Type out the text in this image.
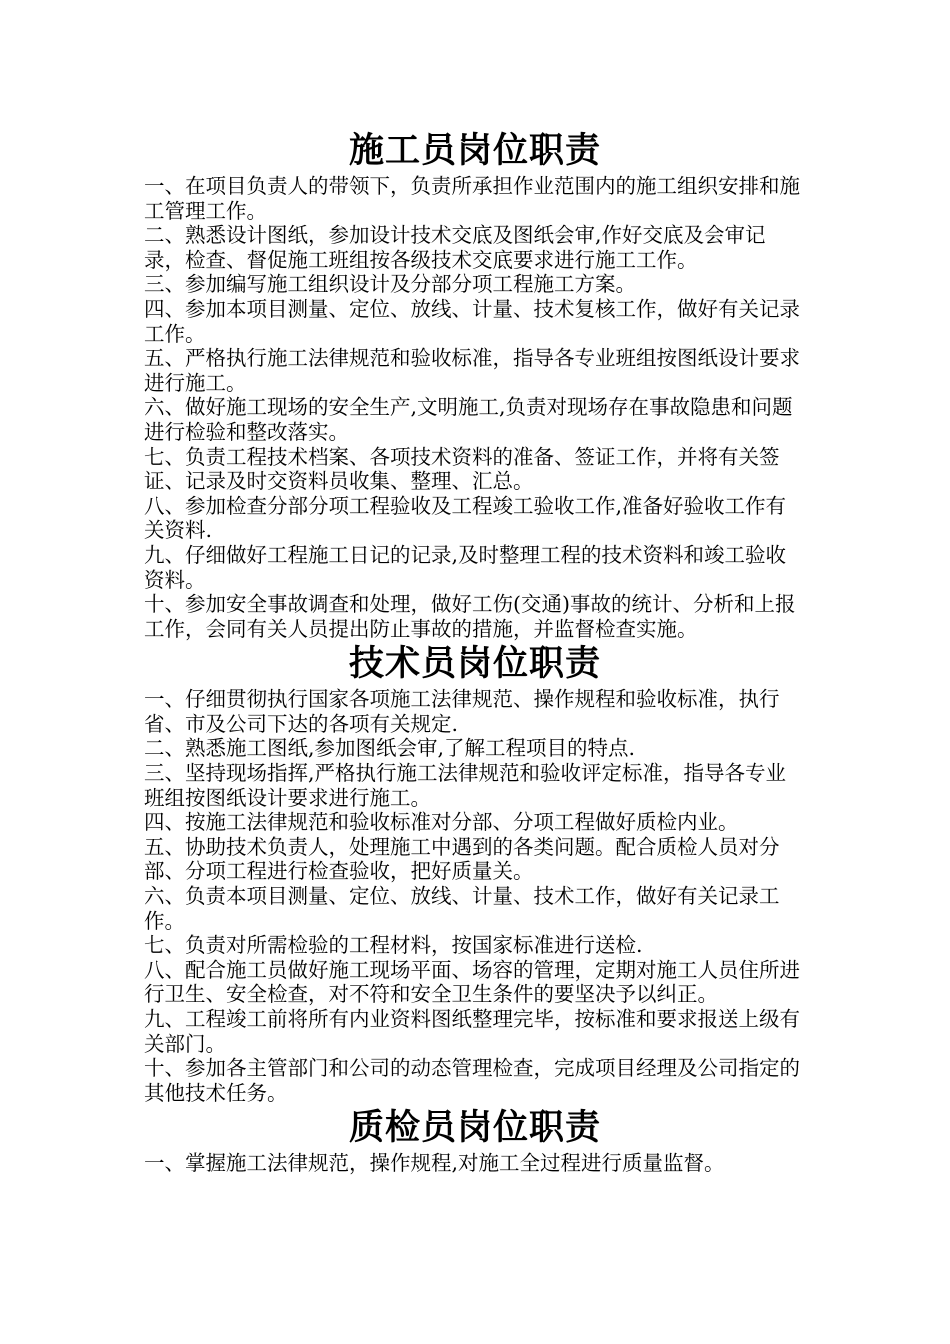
施工员岗位职责

一、在项目负责人的带领下，负责所承担作业范围内的施工组织安排和施工管理工作。

二、熟悉设计图纸，参加设计技术交底及图纸会审,作好交底及会审记录，检查、督促施工班组按各级技术交底要求进行施工工作。

三、参加编写施工组织设计及分部分项工程施工方案。

四、参加本项目测量、定位、放线、计量、技术复核工作，做好有关记录工作。

五、严格执行施工法律规范和验收标准，指导各专业班组按图纸设计要求进行施工。

六、做好施工现场的安全生产,文明施工,负责对现场存在事故隐患和问题进行检验和整改落实。

七、负责工程技术档案、各项技术资料的准备、签证工作，并将有关签证、记录及时交资料员收集、整理、汇总。

八、参加检查分部分项工程验收及工程竣工验收工作,准备好验收工作有关资料.

九、仔细做好工程施工日记的记录,及时整理工程的技术资料和竣工验收资料。

十、参加安全事故调查和处理，做好工伤(交通)事故的统计、分析和上报工作，会同有关人员提出防止事故的措施，并监督检查实施。

技术员岗位职责

一、仔细贯彻执行国家各项施工法律规范、操作规程和验收标准，执行省、市及公司下达的各项有关规定.

二、熟悉施工图纸,参加图纸会审,了解工程项目的特点.

三、坚持现场指挥,严格执行施工法律规范和验收评定标准，指导各专业班组按图纸设计要求进行施工。

四、按施工法律规范和验收标准对分部、分项工程做好质检内业。

五、协助技术负责人，处理施工中遇到的各类问题。配合质检人员对分部、分项工程进行检查验收，把好质量关。

六、负责本项目测量、定位、放线、计量、技术工作，做好有关记录工作。

七、负责对所需检验的工程材料，按国家标准进行送检.

八、配合施工员做好施工现场平面、场容的管理，定期对施工人员住所进行卫生、安全检查，对不符和安全卫生条件的要坚决予以纠正。

九、工程竣工前将所有内业资料图纸整理完毕，按标准和要求报送上级有关部门。

十、参加各主管部门和公司的动态管理检查，完成项目经理及公司指定的其他技术任务。

质检员岗位职责

一、掌握施工法律规范，操作规程,对施工全过程进行质量监督。
